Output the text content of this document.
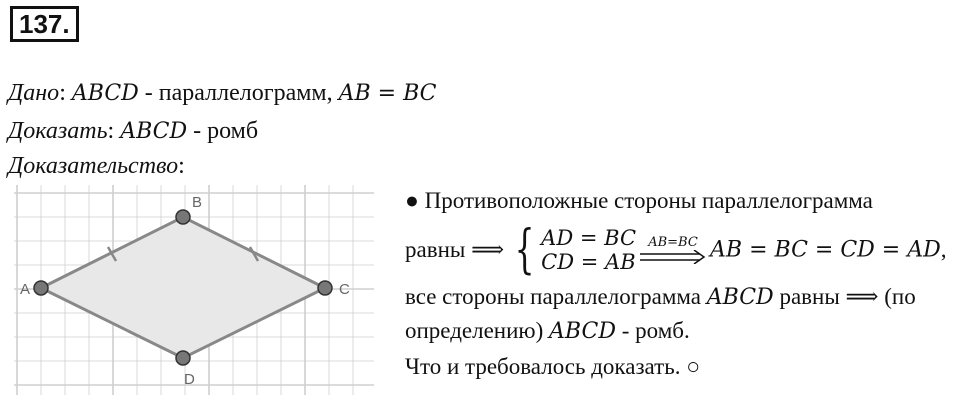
137.
Дано: ABCD - параллелограмм, AB = BC
Доказать: ABCD - ромб
Доказательство:
A
B
C
D
● Противоположные стороны параллелограмма
равны ⟹ { AD = BC
CD = AB
AB=BC AB = BC = CD = AD,
все стороны параллелограмма ABCD равны ⟹ (по
определению) ABCD - ромб.
Что и требовалось доказать. ○
